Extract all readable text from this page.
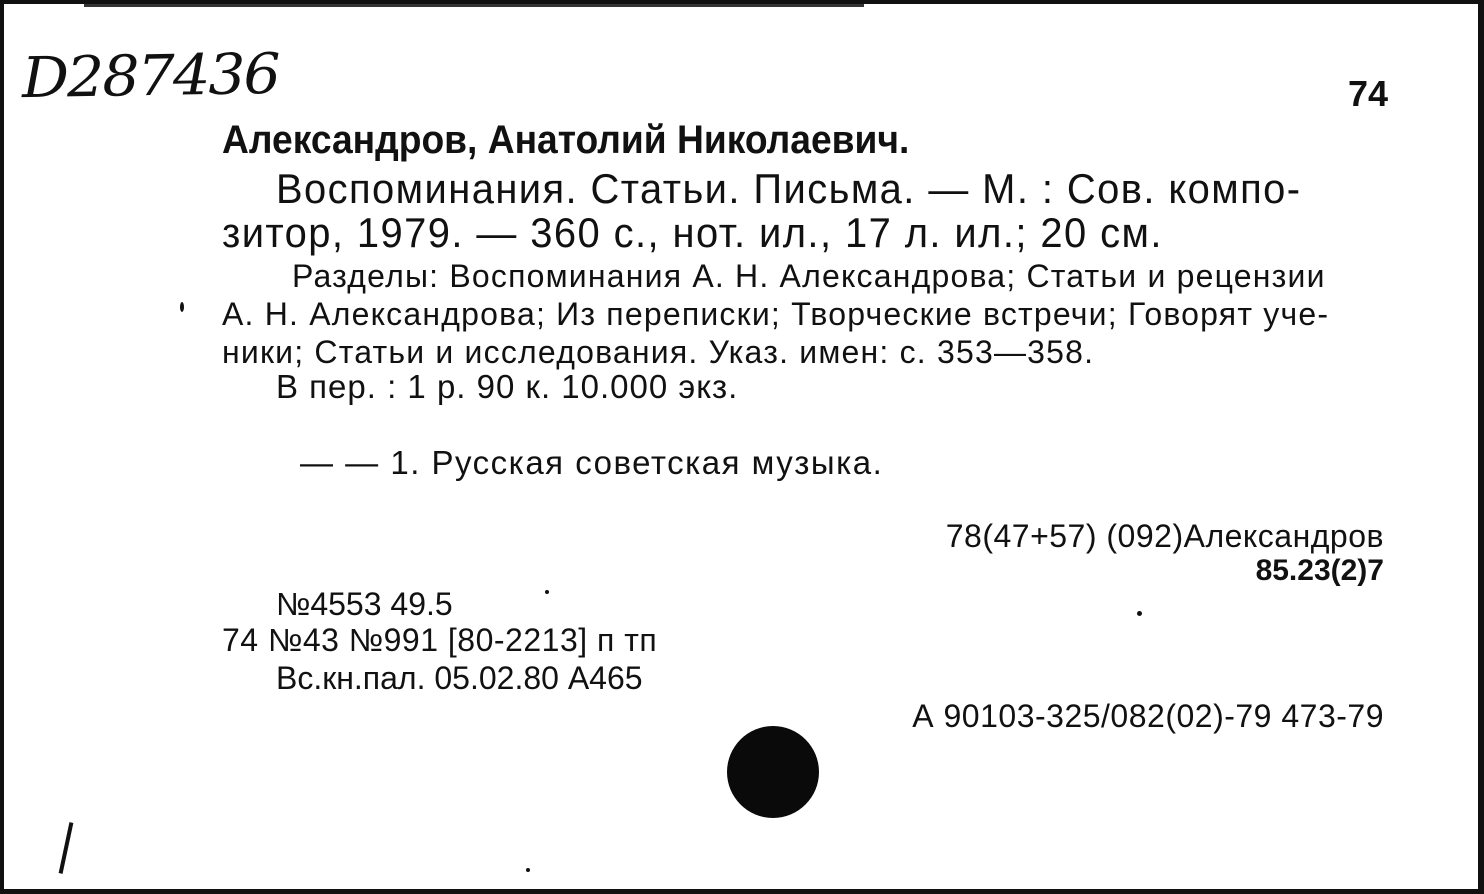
D287436	74
Александров, Анатолий Николаевич.
Воспоминания. Статьи. Письма. — М. : Сов. компо-
зитор, 1979. — 360 с., нот. ил., 17 л. ил.; 20 см.
Разделы: Воспоминания А. Н. Александрова; Статьи и рецензии
А. Н. Александрова; Из переписки; Творческие встречи; Говорят уче-
ники; Статьи и исследования. Указ. имен: с. 353—358.
В пер. : 1 р. 90 к. 10.000 экз.
— — 1. Русская советская музыка.
78(47+57) (092)Александров
85.23(2)7
№4553 49.5
74 №43 №991 [80-2213] п тп
Вс.кн.пал. 05.02.80 А465
А 90103-325/082(02)-79 473-79
